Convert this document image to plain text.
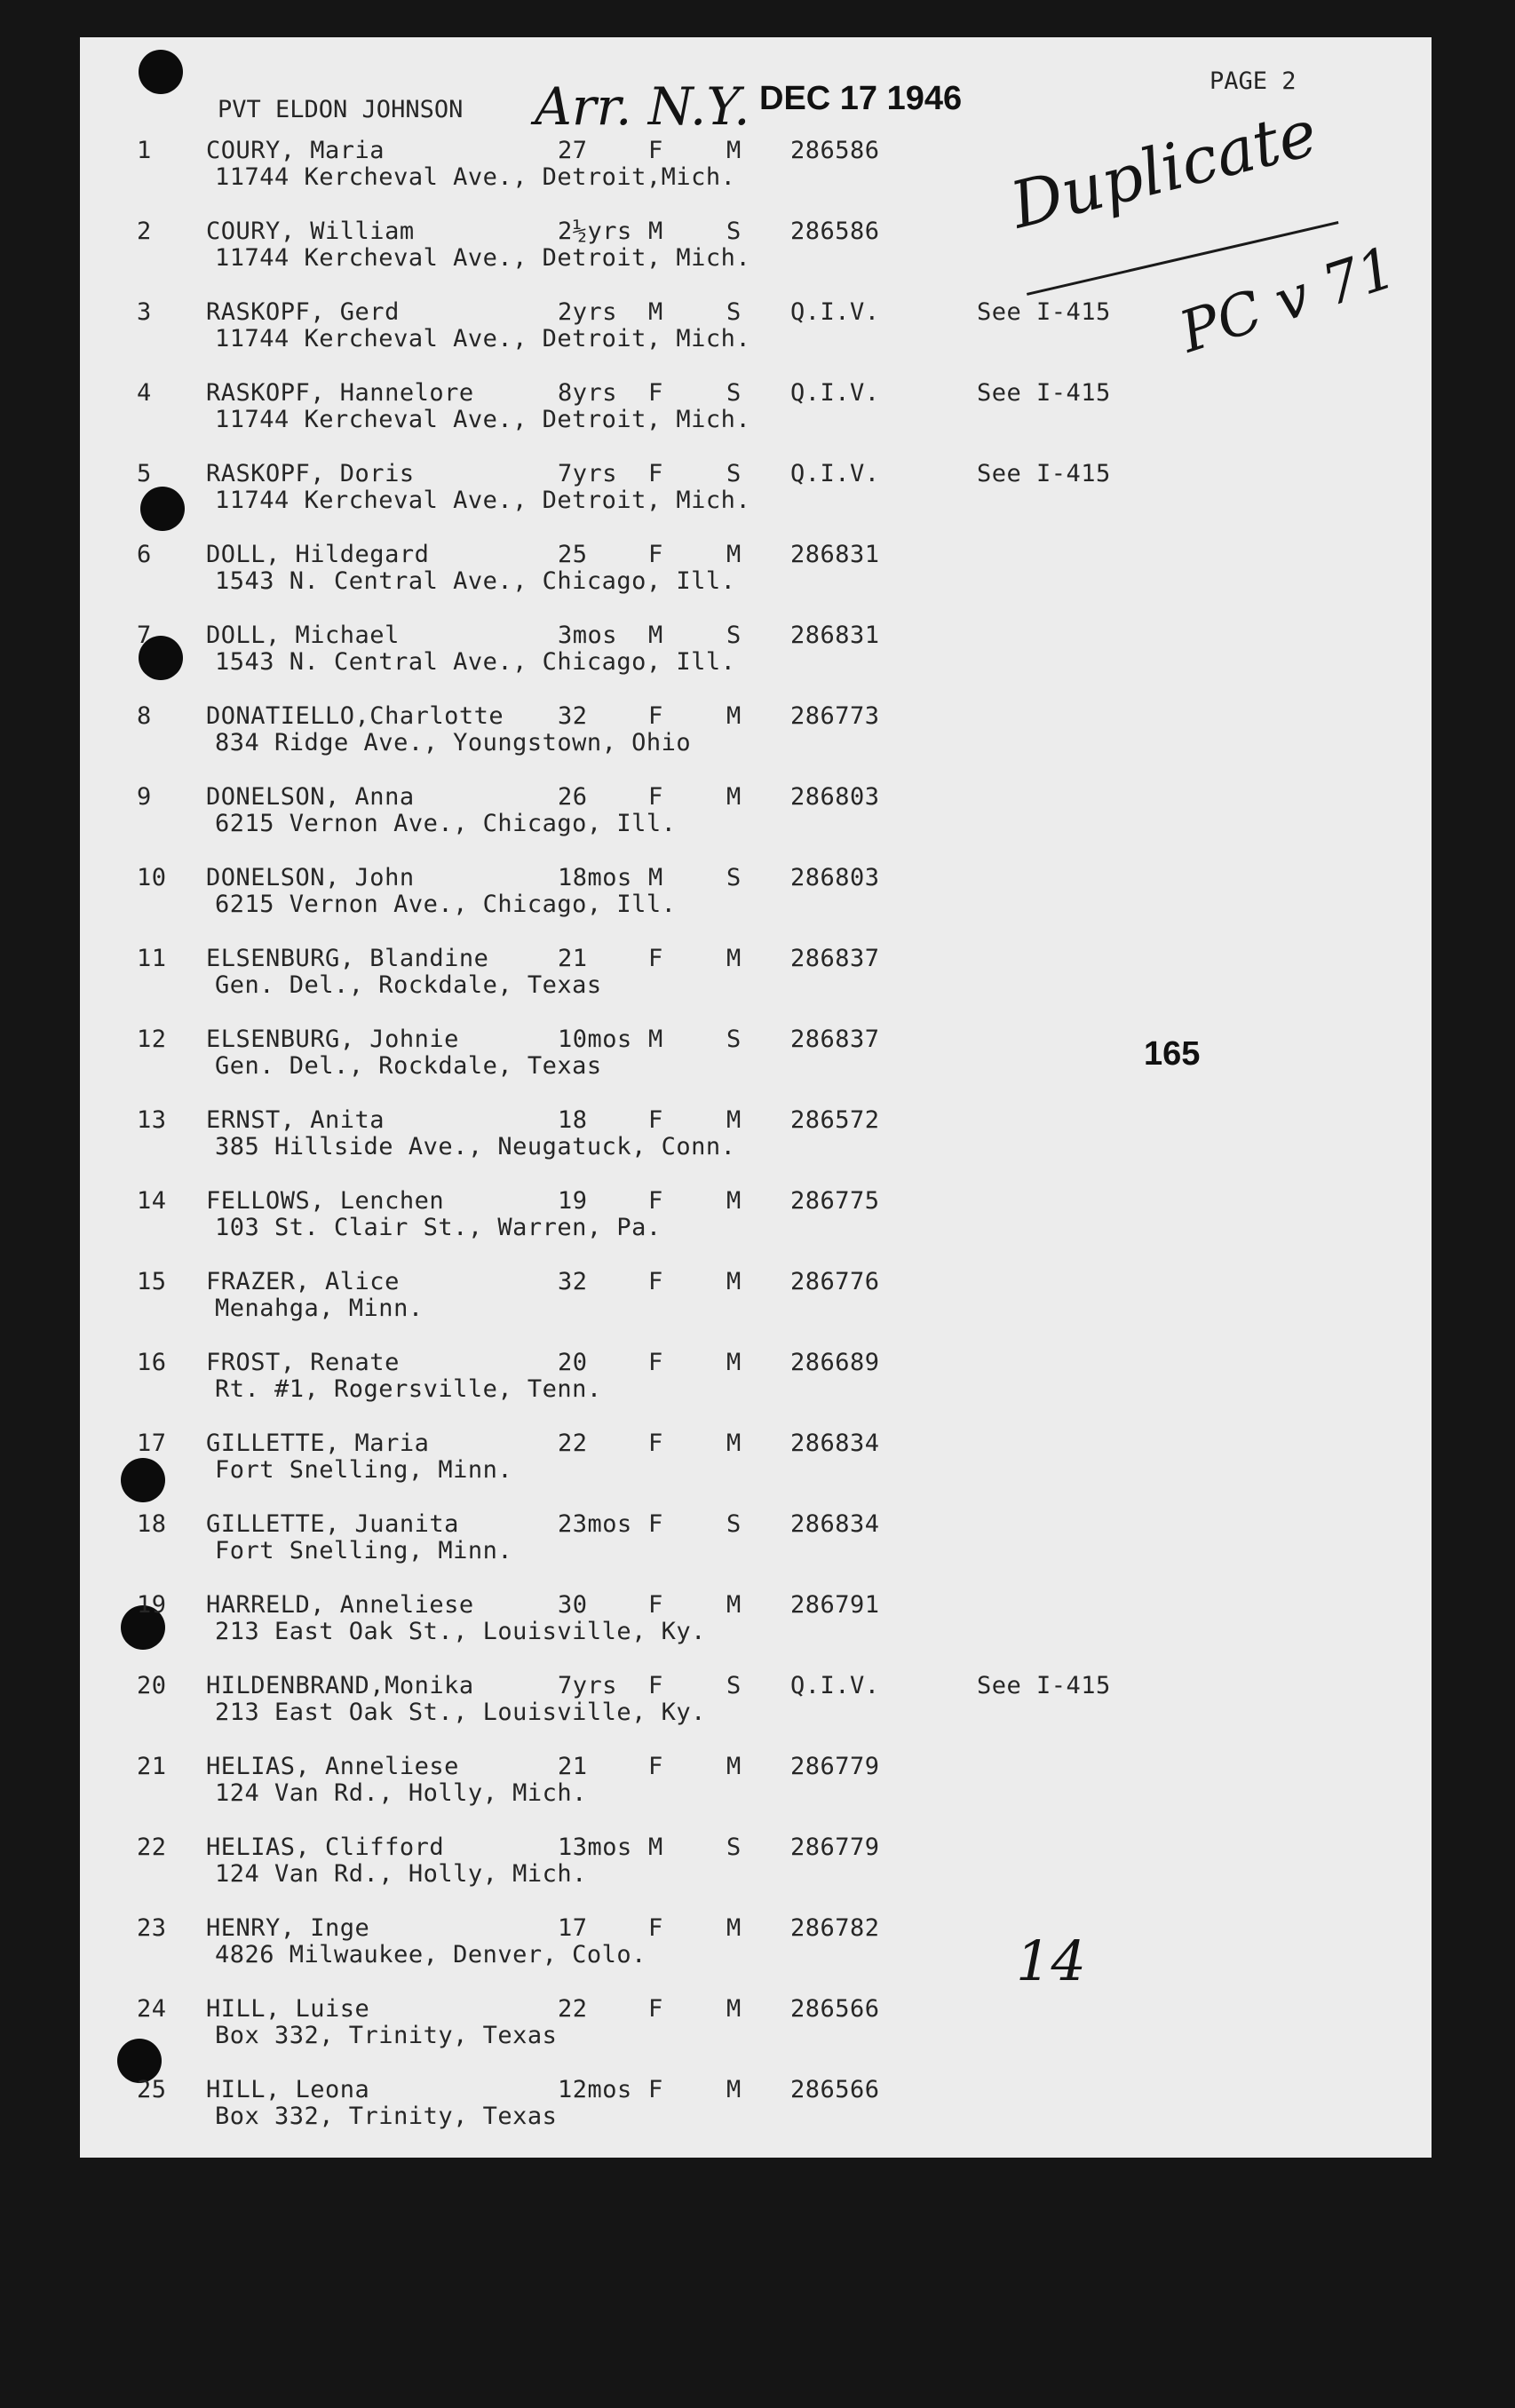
PVT ELDON JOHNSON Arr. N.Y. DEC 17 1946	PAGE 2
Duplicate
PC v 71
165
14
1 COURY, Maria	27	F	M 286586
11744 Kercheval Ave., Detroit,Mich.
2 COURY, William	2½yrs M	S 286586
11744 Kercheval Ave., Detroit, Mich.
3 RASKOPF, Gerd	2yrs M	S Q.I.V.	See I-415
11744 Kercheval Ave., Detroit, Mich.
4 RASKOPF, Hannelore	8yrs F	S Q.I.V.	See I-415
11744 Kercheval Ave., Detroit, Mich.
5 RASKOPF, Doris	7yrs F	S Q.I.V.	See I-415
11744 Kercheval Ave., Detroit, Mich.
6 DOLL, Hildegard	25	F	M 286831
1543 N. Central Ave., Chicago, Ill.
7 DOLL, Michael	3mos M	S 286831
1543 N. Central Ave., Chicago, Ill.
8 DONATIELLO,Charlotte 32	F	M 286773
834 Ridge Ave., Youngstown, Ohio
9 DONELSON, Anna	26	F	M 286803
6215 Vernon Ave., Chicago, Ill.
10 DONELSON, John	18mos M	S 286803
6215 Vernon Ave., Chicago, Ill.
11 ELSENBURG, Blandine	21	F	M 286837
Gen. Del., Rockdale, Texas
12 ELSENBURG, Johnie	10mos M	S 286837
Gen. Del., Rockdale, Texas
13 ERNST, Anita	18	F	M 286572
385 Hillside Ave., Neugatuck, Conn.
14 FELLOWS, Lenchen	19	F	M 286775
103 St. Clair St., Warren, Pa.
15 FRAZER, Alice	32	F	M 286776
Menahga, Minn.
16 FROST, Renate	20	F	M 286689
Rt. #1, Rogersville, Tenn.
17 GILLETTE, Maria	22	F	M 286834
Fort Snelling, Minn.
18 GILLETTE, Juanita	23mos F	S 286834
Fort Snelling, Minn.
19 HARRELD, Anneliese	30	F	M 286791
213 East Oak St., Louisville, Ky.
20 HILDENBRAND,Monika	7yrs F	S Q.I.V.	See I-415
213 East Oak St., Louisville, Ky.
21 HELIAS, Anneliese	21	F	M 286779
124 Van Rd., Holly, Mich.
22 HELIAS, Clifford	13mos M	S 286779
124 Van Rd., Holly, Mich.
23 HENRY, Inge	17	F	M 286782
4826 Milwaukee, Denver, Colo.
24 HILL, Luise	22	F	M 286566
Box 332, Trinity, Texas
25 HILL, Leona	12mos F	M 286566
Box 332, Trinity, Texas
